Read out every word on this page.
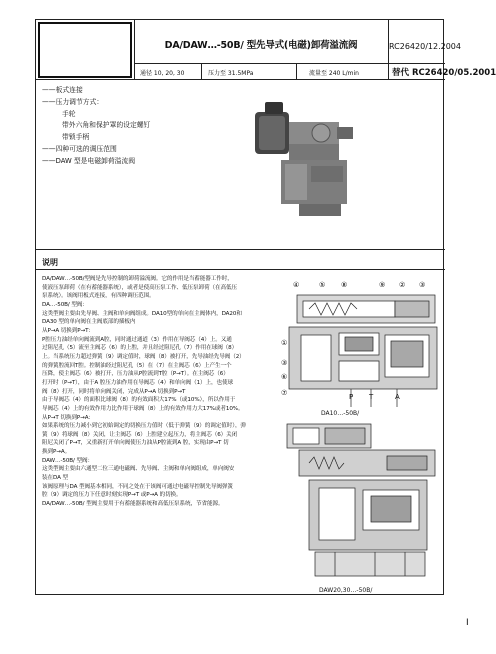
DA/DAW…-50B/ 型先导式(电磁)卸荷溢流阀	RC26420/12.2004
通径 10, 20, 30	压力至 31.5MPa	流量至 240 L/min	替代 RC26420/05.2001
——板式连接
——压力调节方式：
手轮
带外六角和保护罩的设定螺钉
带锁手柄
——四种可选的调压范围
——DAW 型是电磁卸荷溢流阀
说明

DA/DAW…-50B/型阀是先导控制的卸荷溢流阀。它的作用是当蓄能器工作时，

使液压泵卸荷（在有蓄能器系统），或者是使高压泵工作、低压泵卸荷（在高低压

泵系统）。该阀用板式连接，有四种调压范围。

DA…-50B/ 型阀：

这类型阀主要由先导阀、主阀和单向阀组成。DA10型的单向在主阀体内，DA20和

DA30 型的单向阀在主阀底部的插板内

从P→A 切换到P→T：

P腔压力油经单向阀流到A腔，同时通过通道（3）作用在导阀芯（4）上。又通

过阻尼孔（5）流至主阀芯（6）的上腔，并且经过阻尼孔（7）作用在球阀（8）

上。当系统压力超过弹簧（9）调定值时，球阀（8）被打开，先导油经先导阀（2）

的弹簧腔流回T腔。控制油经过阻尼孔（5）在（7）在主阀芯（6）上产生一个

压降，使主阀芯（6）被打开，压力油从P腔流到T腔（P→T）。在主阀芯（6）

打开时（P→T），由于A 腔压力油作用在导阀芯（4）和单向阀（1）上，也使球

阀（8）打开，同时将单向阀关闭，完成从P→A 切换到P→T

由于导阀芯（4）的面积比球阀（8）的有效面积大17%（或10%），所以作用于

导阀芯（4）上的有效作用力比作用于球阀（8）上的有效作用力大17%或者10%。

从P→T 切换到P→A：

如果系统的压力减小到它初始调定的切换压力值时（低于弹簧（9）的调定值时），弹

簧（9）将球阀（8）关闭，让主阀芯（6）上腔建立起压力，将主阀芯（6）关闭

阻尼关闭了P→T，又重新打开单向阀使压力油从P腔流到A 腔，实现由P→T 切

换到P→A。

DAW…-50B/ 型阀：

这类型阀主要由六通型二位三通电磁阀、先导阀、主阀和单向阀组成，单向阀安

装在DA 型

该阀原理与DA 型阀基本相同，不同之处在于该阀可通过电磁导控制先导阀弹簧

腔（9）调定的压力下任意时刻实现P→T 或P→A 的切换。

DA/DAW…-50B/ 型阀主要用于有蓄能器系统和高低压泵系统，节省能源。

④	⑤ ⑧	⑨ ② ③
①
③
⑥
⑦	P T	A
DA10…-50B/
DAW20,30…-50B/
Ι
